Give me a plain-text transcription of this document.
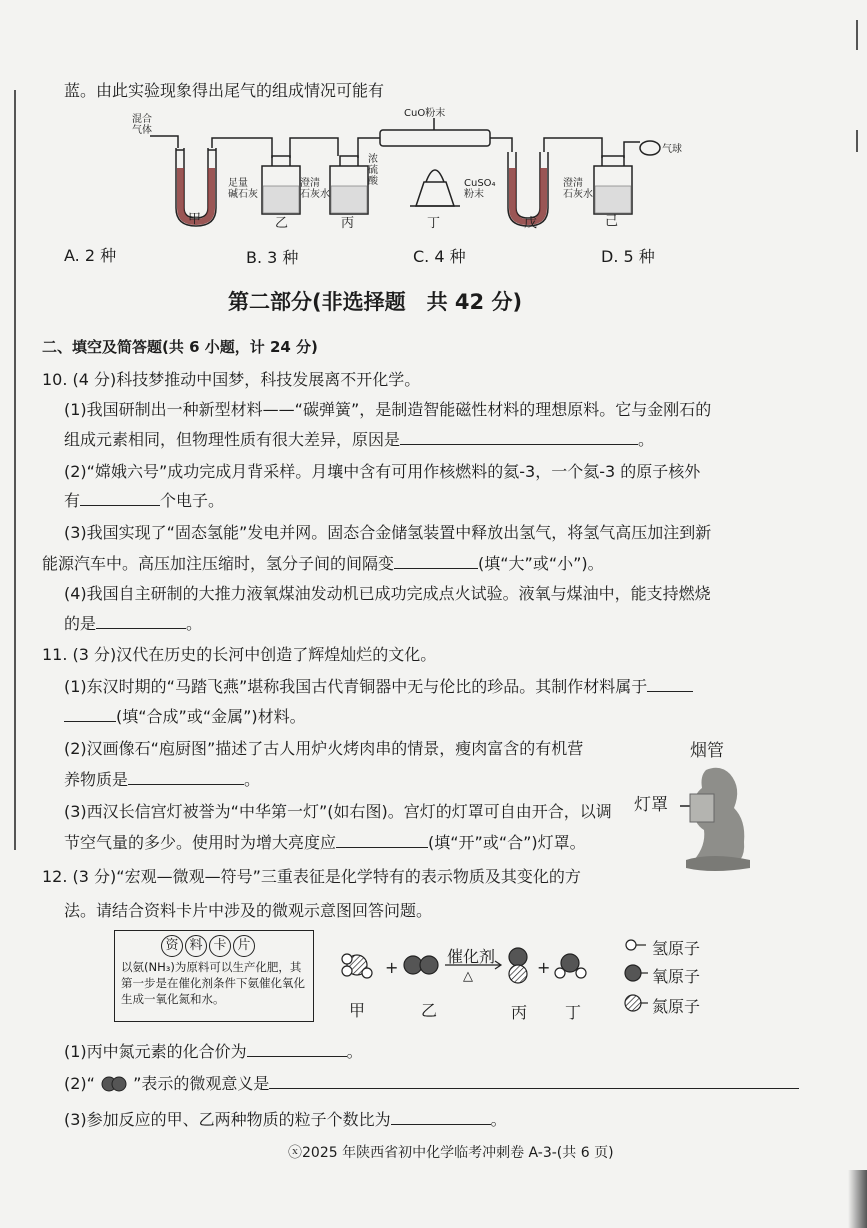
蓝。由此实验现象得出尾气的组成情况可能有
混合
气体
CuO粉末
气球
足量
碱石灰
澄清
石灰水
浓
硫
酸	CuSO₄
粉末
澄清
石灰水
甲	乙	丙	丁	戊	己
A. 2 种	B. 3 种	C. 4 种	D. 5 种
第二部分(非选择题　共 42 分)
二、填空及简答题(共 6 小题，计 24 分)
10. (4 分)科技梦推动中国梦，科技发展离不开化学。
(1)我国研制出一种新型材料——“碳弹簧”，是制造智能磁性材料的理想原料。它与金刚石的
组成元素相同，但物理性质有很大差异，原因是	。
(2)“嫦娥六号”成功完成月背采样。月壤中含有可用作核燃料的氦-3，一个氦-3 的原子核外
有	个电子。
(3)我国实现了“固态氢能”发电并网。固态合金储氢装置中释放出氢气，将氢气高压加注到新
能源汽车中。高压加注压缩时，氢分子间的间隔变	(填“大”或“小”)。
(4)我国自主研制的大推力液氧煤油发动机已成功完成点火试验。液氧与煤油中，能支持燃烧
的是	。
11. (3 分)汉代在历史的长河中创造了辉煌灿烂的文化。
(1)东汉时期的“马踏飞燕”堪称我国古代青铜器中无与伦比的珍品。其制作材料属于
(填“合成”或“金属”)材料。
(2)汉画像石“庖厨图”描述了古人用炉火烤肉串的情景，瘦肉富含的有机营
养物质是	。
(3)西汉长信宫灯被誉为“中华第一灯”(如右图)。宫灯的灯罩可自由开合，以调
节空气量的多少。使用时为增大亮度应	(填“开”或“合”)灯罩。
烟管
灯罩
12. (3 分)“宏观—微观—符号”三重表征是化学特有的表示物质及其变化的方
法。请结合资料卡片中涉及的微观示意图回答问题。
资 料 卡 片
以氨(NH₃)为原料可以生产化肥，其第一步是在催化剂条件下氨催化氧化生成一氧化氮和水。
+	+
催化剂
△
甲	乙	丙 丁
氢原子
氧原子
氮原子
(1)丙中氮元素的化合价为	。
(2)“ ”表示的微观意义是
(3)参加反应的甲、乙两种物质的粒子个数比为	。
ⓧ2025 年陕西省初中化学临考冲刺卷 A-3-(共 6 页)
